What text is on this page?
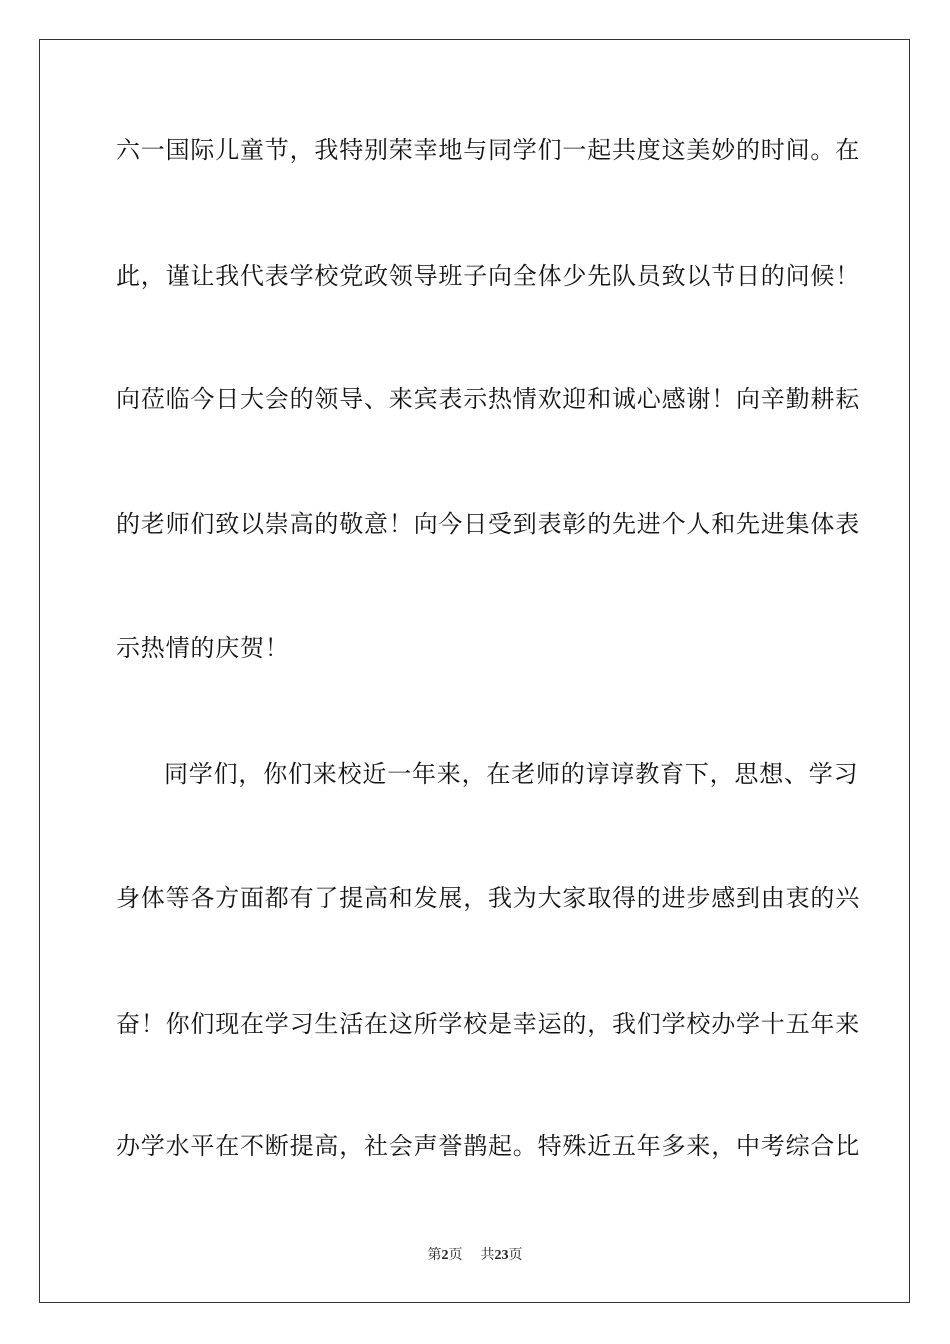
六一国际儿童节，我特别荣幸地与同学们一起共度这美妙的时间。在
此，谨让我代表学校党政领导班子向全体少先队员致以节日的问候！
向莅临今日大会的领导、来宾表示热情欢迎和诚心感谢！向辛勤耕耘
的老师们致以崇高的敬意！向今日受到表彰的先进个人和先进集体表
示热情的庆贺！
同学们，你们来校近一年来，在老师的谆谆教育下，思想、学习
身体等各方面都有了提高和发展，我为大家取得的进步感到由衷的兴
奋！你们现在学习生活在这所学校是幸运的，我们学校办学十五年来
办学水平在不断提高，社会声誉鹊起。特殊近五年多来，中考综合比
第2页 共23页
